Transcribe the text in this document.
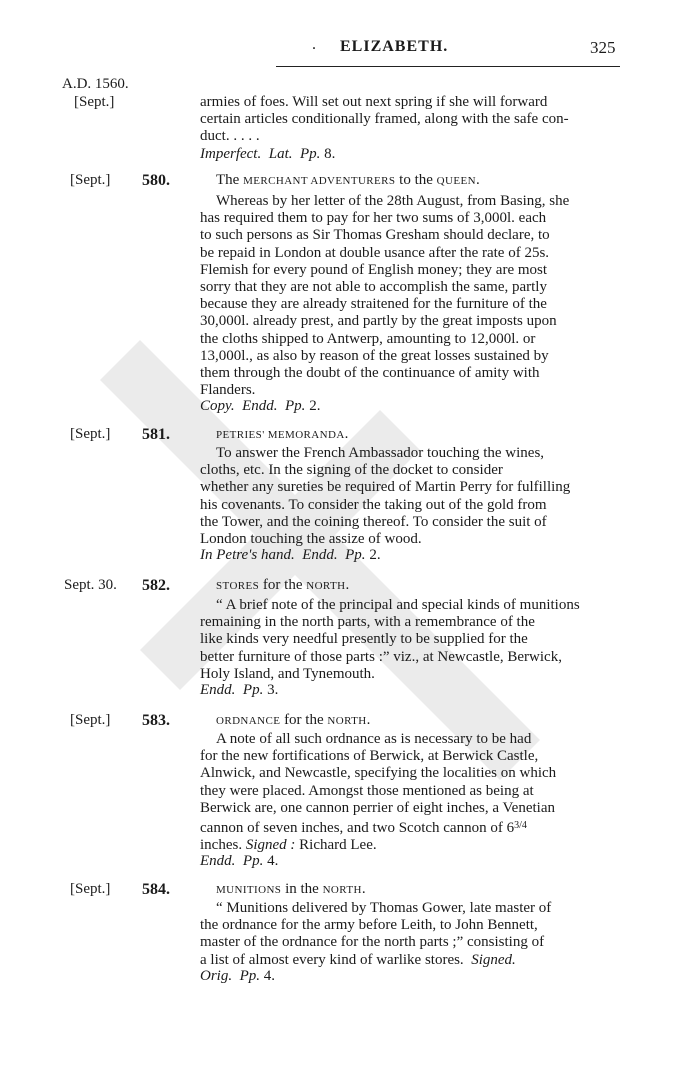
. ELIZABETH.	325
A.D. 1560.
[Sept.]	armies of foes. Will set out next spring if she will forward
certain articles conditionally framed, along with the safe con-
duct. . . . .
Imperfect. Lat. Pp. 8.
[Sept.] 580.	The MERCHANT ADVENTURERS to the QUEEN.
Whereas by her letter of the 28th August, from Basing, she
has required them to pay for her two sums of 3,000l. each
to such persons as Sir Thomas Gresham should declare, to
be repaid in London at double usance after the rate of 25s.
Flemish for every pound of English money; they are most
sorry that they are not able to accomplish the same, partly
because they are already straitened for the furniture of the
30,000l. already prest, and partly by the great imposts upon
the cloths shipped to Antwerp, amounting to 12,000l. or
13,000l., as also by reason of the great losses sustained by
them through the doubt of the continuance of amity with
Flanders.
Copy. Endd. Pp. 2.
[Sept.] 581.	PETRIES' MEMORANDA.
To answer the French Ambassador touching the wines,
cloths, etc. In the signing of the docket to consider
whether any sureties be required of Martin Perry for fulfilling
his covenants. To consider the taking out of the gold from
the Tower, and the coining thereof. To consider the suit of
London touching the assize of wood.
In Petre's hand. Endd. Pp. 2.
Sept. 30. 582.	STORES for the NORTH.
“ A brief note of the principal and special kinds of munitions
remaining in the north parts, with a remembrance of the
like kinds very needful presently to be supplied for the
better furniture of those parts :” viz., at Newcastle, Berwick,
Holy Island, and Tynemouth.
Endd. Pp. 3.
[Sept.] 583.	ORDNANCE for the NORTH.
A note of all such ordnance as is necessary to be had
for the new fortifications of Berwick, at Berwick Castle,
Alnwick, and Newcastle, specifying the localities on which
they were placed. Amongst those mentioned as being at
Berwick are, one cannon perrier of eight inches, a Venetian
cannon of seven inches, and two Scotch cannon of $6^{3/4}$
inches. Signed : Richard Lee.
Endd. Pp. 4.
[Sept.] 584.	MUNITIONS in the NORTH.
“ Munitions delivered by Thomas Gower, late master of
the ordnance for the army before Leith, to John Bennett,
master of the ordnance for the north parts ;” consisting of
a list of almost every kind of warlike stores. Signed.
Orig. Pp. 4.
